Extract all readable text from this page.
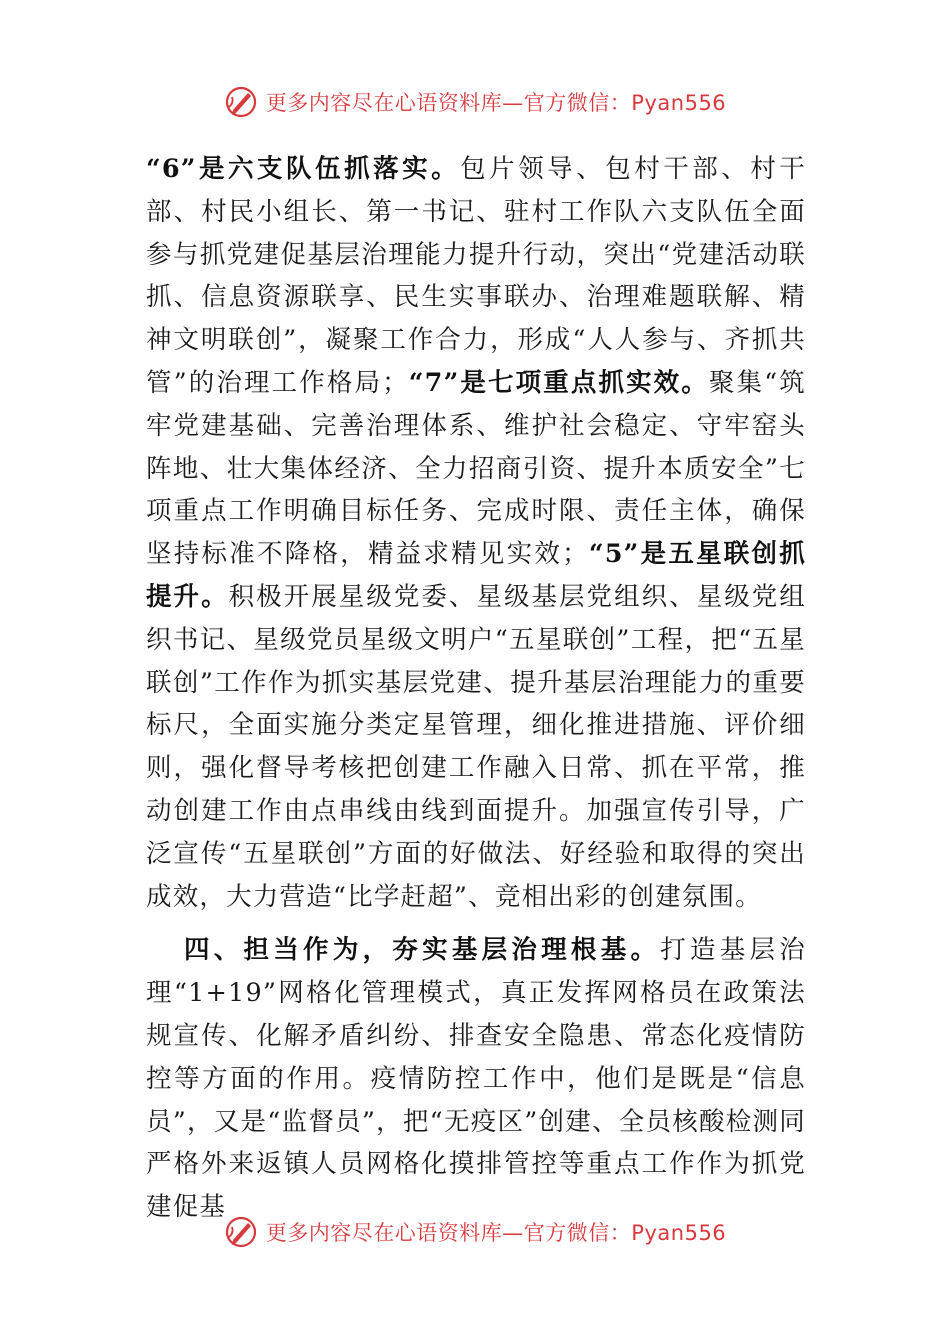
更多内容尽在心语资料库—官方微信：Pyan556

“6”是六支队伍抓落实。包片领导、包村干部、村干部、村民小组长、第一书记、驻村工作队六支队伍全面参与抓党建促基层治理能力提升行动，突出“党建活动联抓、信息资源联享、民生实事联办、治理难题联解、精神文明联创”，凝聚工作合力，形成“人人参与、齐抓共管”的治理工作格局；“7”是七项重点抓实效。聚集“筑牢党建基础、完善治理体系、维护社会稳定、守牢窑头阵地、壮大集体经济、全力招商引资、提升本质安全”七项重点工作明确目标任务、完成时限、责任主体，确保坚持标准不降格，精益求精见实效；“5”是五星联创抓提升。积极开展星级党委、星级基层党组织、星级党组织书记、星级党员星级文明户“五星联创”工程，把“五星联创”工作作为抓实基层党建、提升基层治理能力的重要标尺，全面实施分类定星管理，细化推进措施、评价细则，强化督导考核把创建工作融入日常、抓在平常，推动创建工作由点串线由线到面提升。加强宣传引导，广泛宣传“五星联创”方面的好做法、好经验和取得的突出成效，大力营造“比学赶超”、竞相出彩的创建氛围。

四、担当作为，夯实基层治理根基。打造基层治理“1+19”网格化管理模式，真正发挥网格员在政策法规宣传、化解矛盾纠纷、排查安全隐患、常态化疫情防控等方面的作用。疫情防控工作中，他们是既是“信息员”，又是“监督员”，把“无疫区”创建、全员核酸检测同严格外来返镇人员网格化摸排管控等重点工作作为抓党建促基

更多内容尽在心语资料库—官方微信：Pyan556
